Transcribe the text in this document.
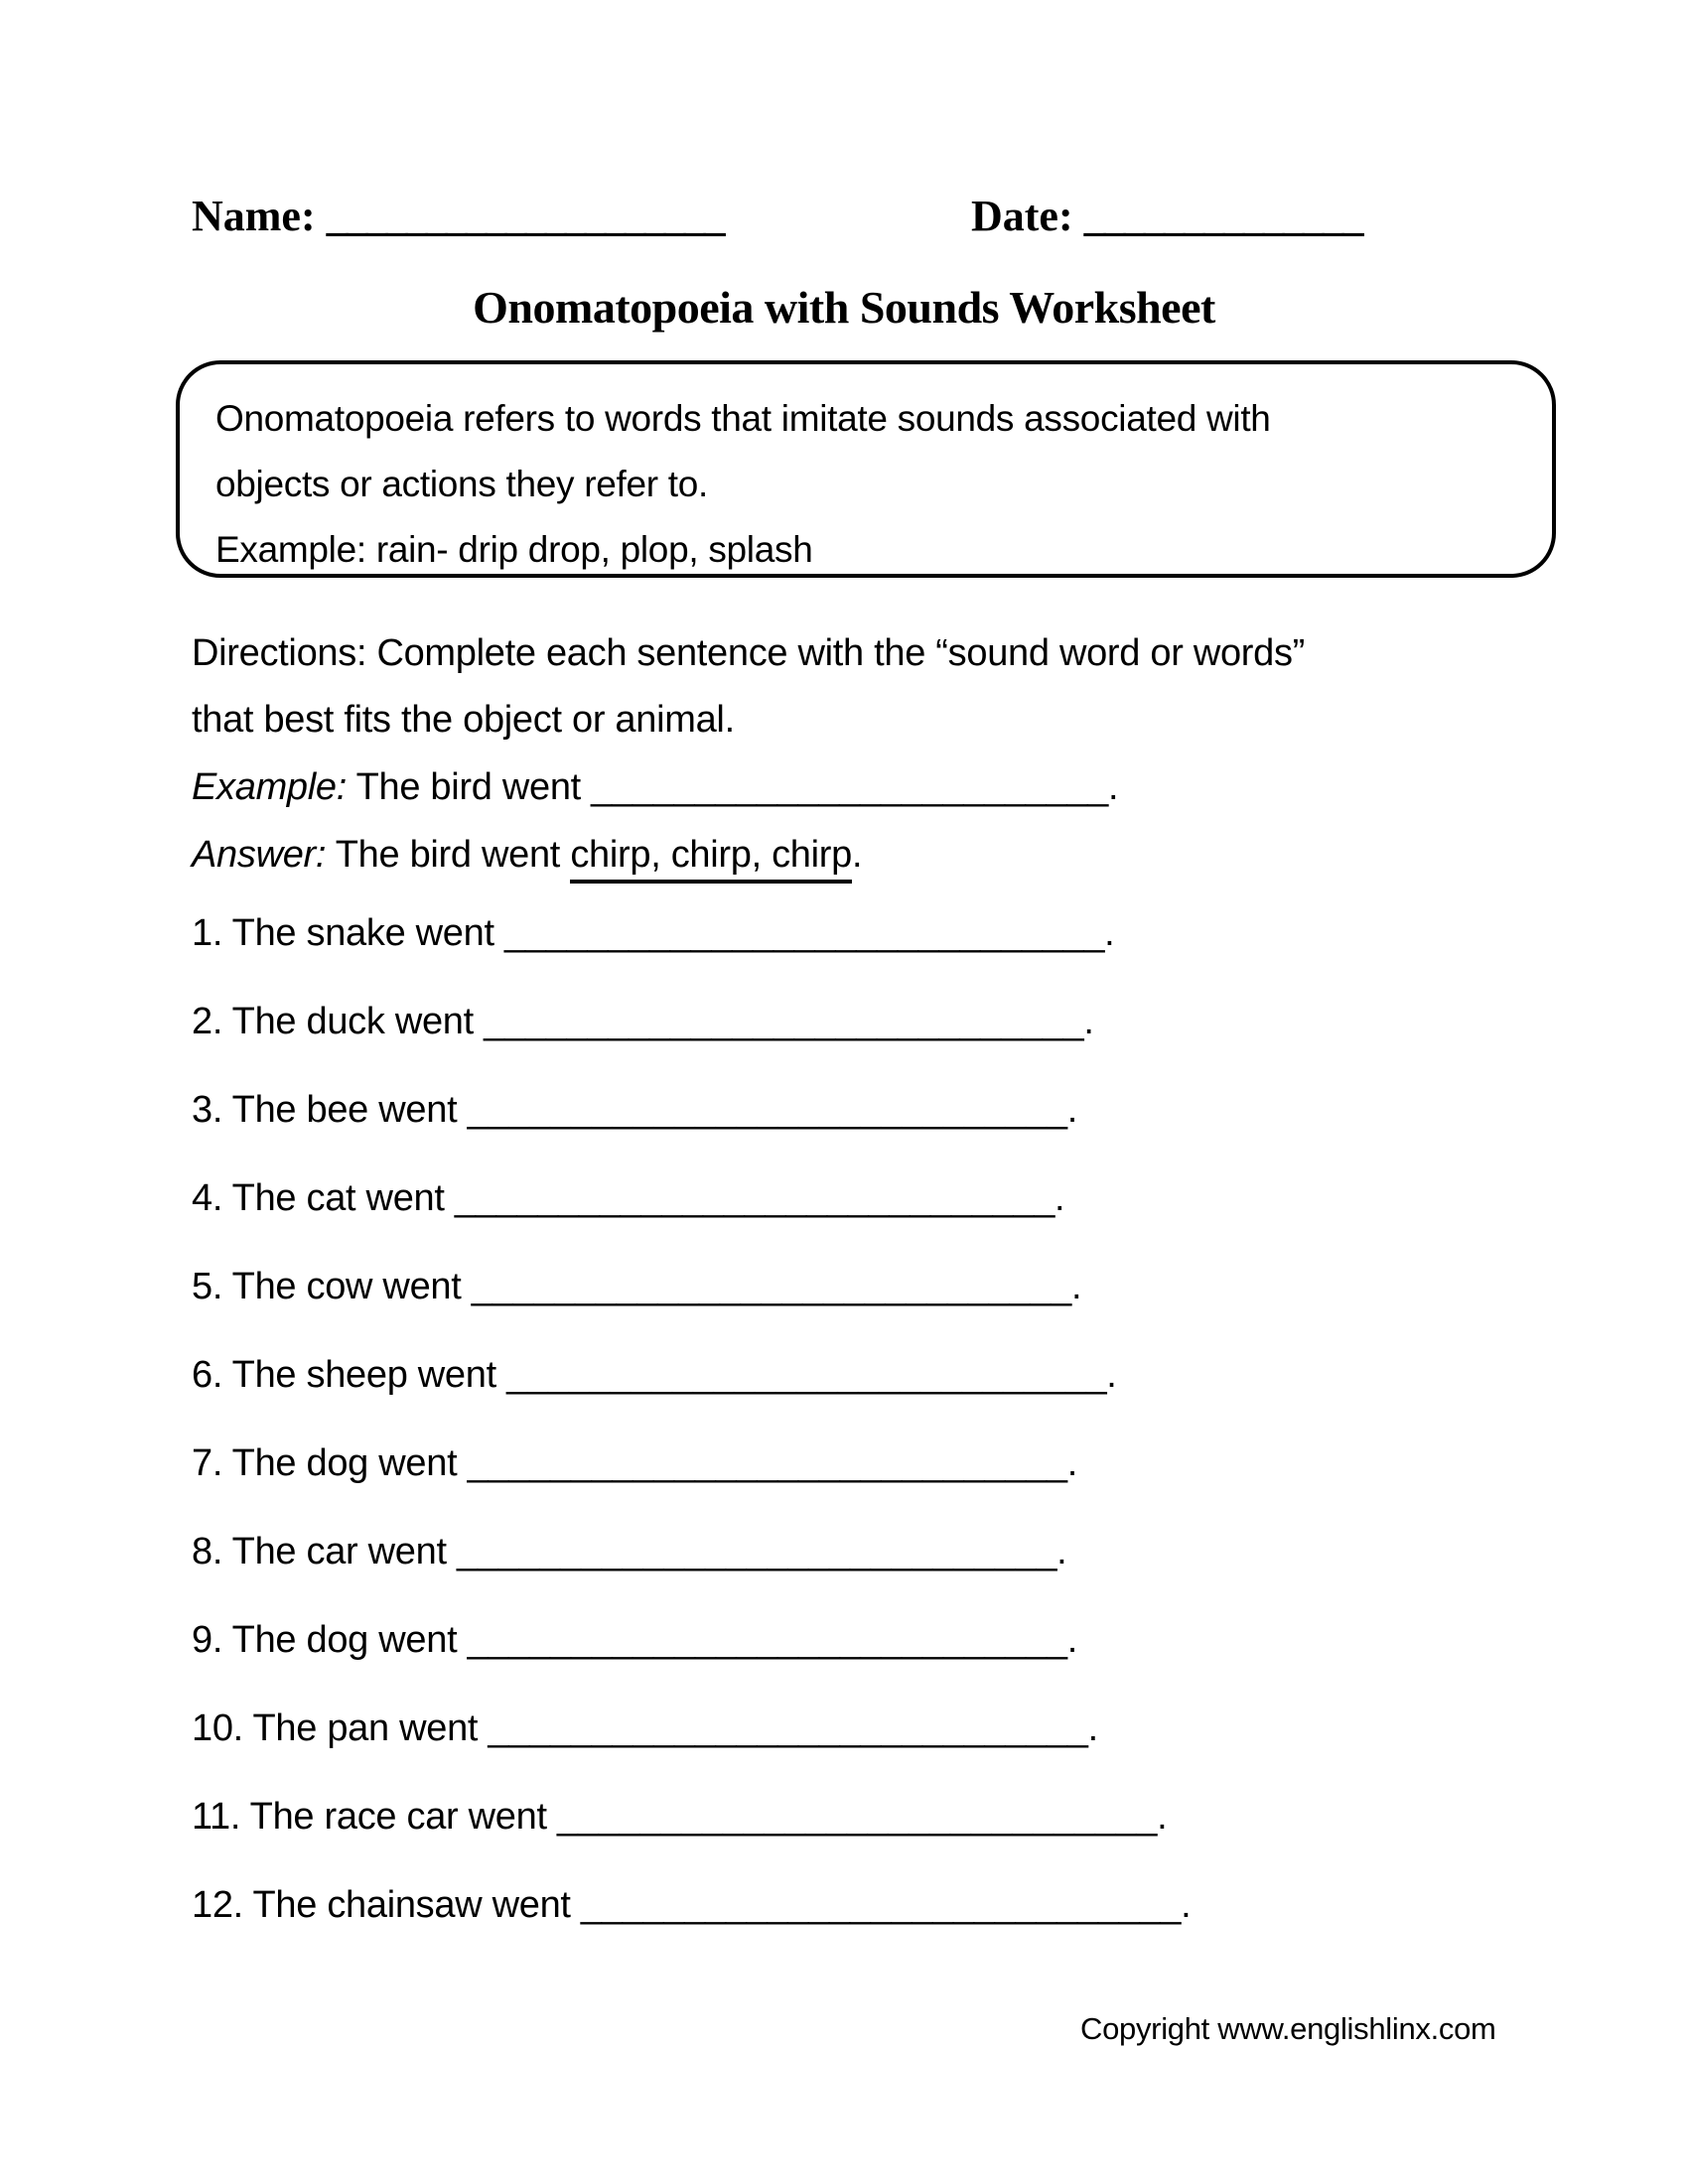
Name: ____________________	Date: ______________
Onomatopoeia with Sounds Worksheet
Onomatopoeia refers to words that imitate sounds associated with
objects or actions they refer to.
Example: rain- drip drop, plop, splash
Directions: Complete each sentence with the “sound word or words”
that best fits the object or animal.
Example: The bird went _________________________.
Answer: The bird went chirp, chirp, chirp.
1. The snake went _____________________________.
2. The duck went _____________________________.
3. The bee went _____________________________.
4. The cat went _____________________________.
5. The cow went _____________________________.
6. The sheep went _____________________________.
7. The dog went _____________________________.
8. The car went _____________________________.
9. The dog went _____________________________.
10. The pan went _____________________________.
11. The race car went _____________________________.
12. The chainsaw went _____________________________.
Copyright www.englishlinx.com
